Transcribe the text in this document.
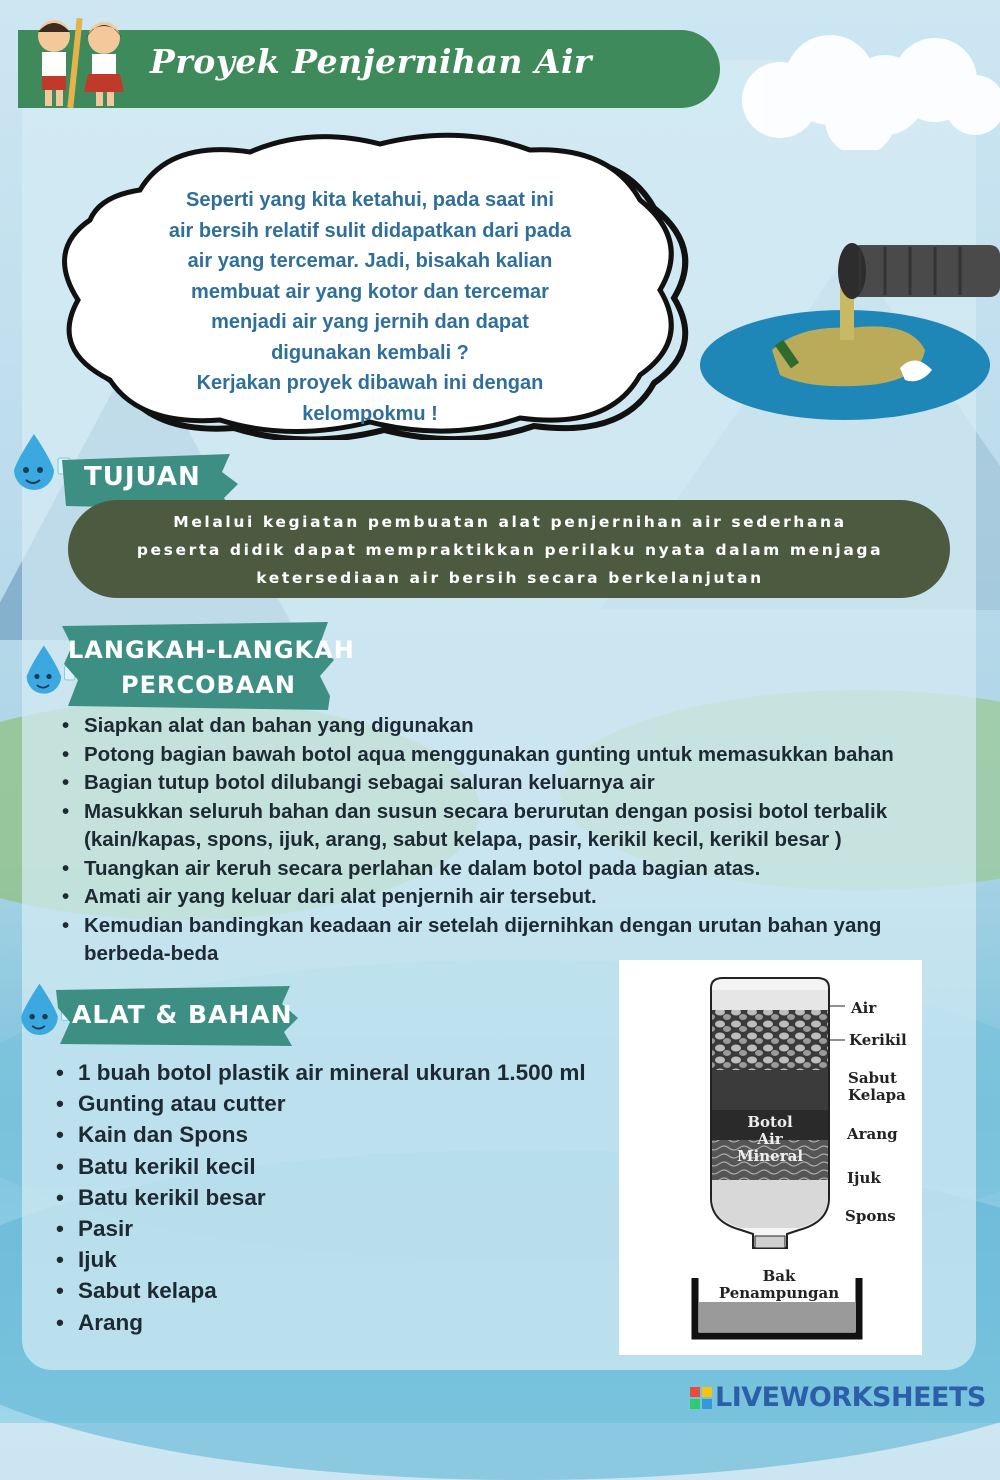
Proyek Penjernihan Air
Seperti yang kita ketahui, pada saat ini
air bersih relatif sulit didapatkan dari pada
air yang tercemar. Jadi, bisakah kalian
membuat air yang kotor dan tercemar
menjadi air yang jernih dan dapat
digunakan kembali ?
Kerjakan proyek dibawah ini dengan
kelompokmu !
TUJUAN
Melalui kegiatan pembuatan alat penjernihan air sederhana
peserta didik dapat mempraktikkan perilaku nyata dalam menjaga
ketersediaan air bersih secara berkelanjutan
LANGKAH-LANGKAH
PERCOBAAN
• Siapkan alat dan bahan yang digunakan
• Potong bagian bawah botol aqua menggunakan gunting untuk memasukkan bahan
• Bagian tutup botol dilubangi sebagai saluran keluarnya air
• Masukkan seluruh bahan dan susun secara berurutan dengan posisi botol terbalik (kain/kapas, spons, ijuk, arang, sabut kelapa, pasir, kerikil kecil, kerikil besar )
• Tuangkan air keruh secara perlahan ke dalam botol pada bagian atas.
• Amati air yang keluar dari alat penjernih air tersebut.
• Kemudian bandingkan keadaan air setelah dijernihkan dengan urutan bahan yang berbeda-beda
ALAT & BAHAN
• 1 buah botol plastik air mineral ukuran 1.500 ml
• Gunting atau cutter
• Kain dan Spons
• Batu kerikil kecil
• Batu kerikil besar
• Pasir
• Ijuk
• Sabut kelapa
• Arang
Botol Air
Mineral
Air
Kerikil
Sabut
Kelapa
Arang
Ijuk
Spons
Bak
Penampungan
LIVEWORKSHEETS
